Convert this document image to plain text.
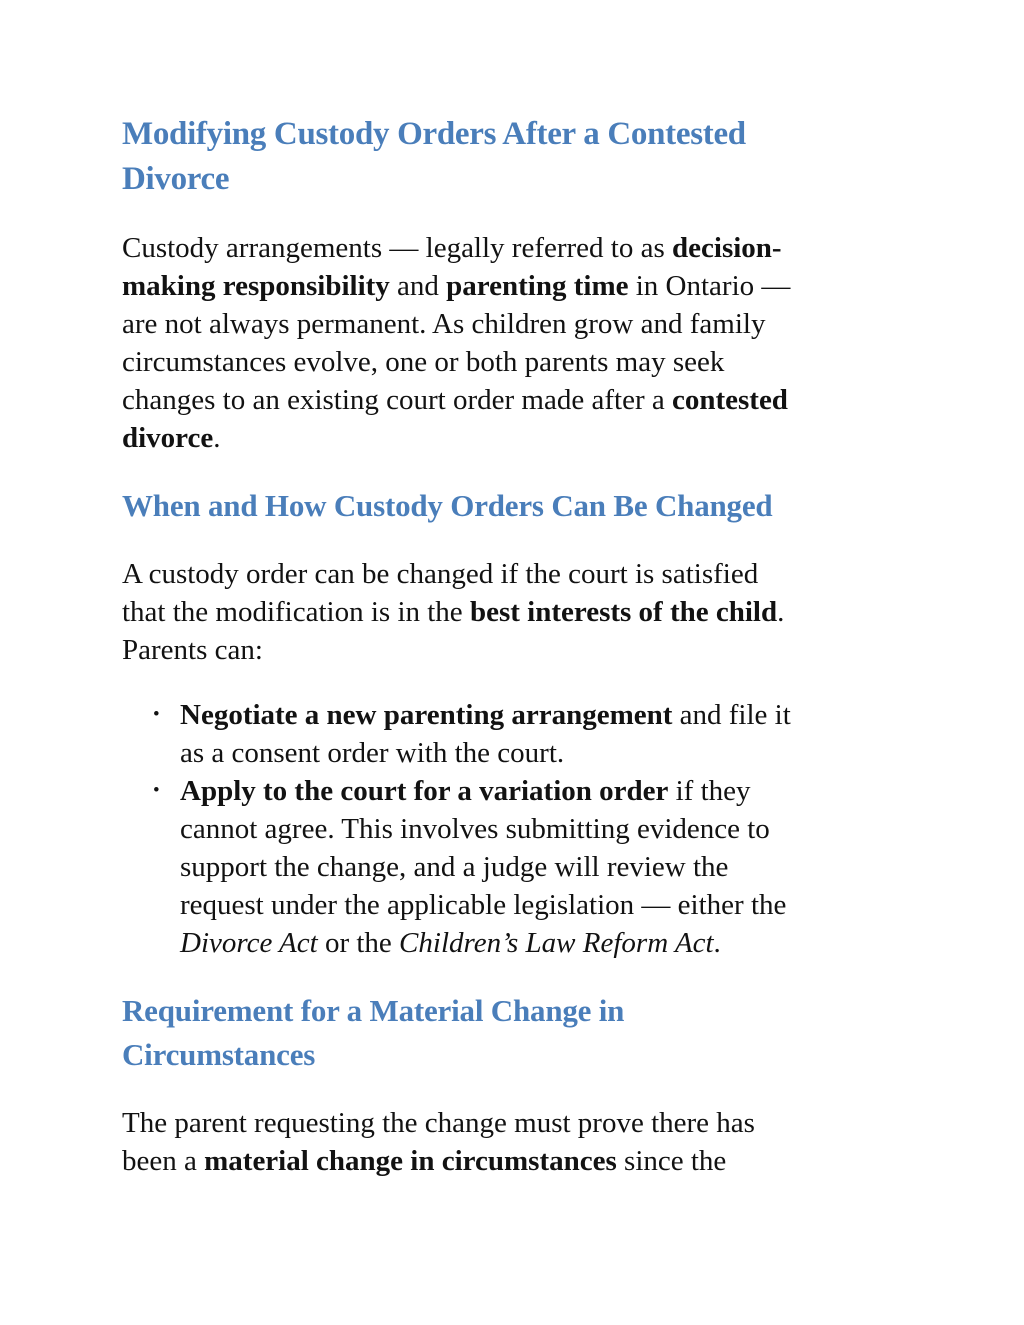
Modifying Custody Orders After a Contested
Divorce
Custody arrangements — legally referred to as decision-
making responsibility and parenting time in Ontario —
are not always permanent. As children grow and family
circumstances evolve, one or both parents may seek
changes to an existing court order made after a contested
divorce.
When and How Custody Orders Can Be Changed
A custody order can be changed if the court is satisfied
that the modification is in the best interests of the child.
Parents can:
• Negotiate a new parenting arrangement and file it
as a consent order with the court.
• Apply to the court for a variation order if they
cannot agree. This involves submitting evidence to
support the change, and a judge will review the
request under the applicable legislation — either the
Divorce Act or the Children’s Law Reform Act.
Requirement for a Material Change in
Circumstances
The parent requesting the change must prove there has
been a material change in circumstances since the
